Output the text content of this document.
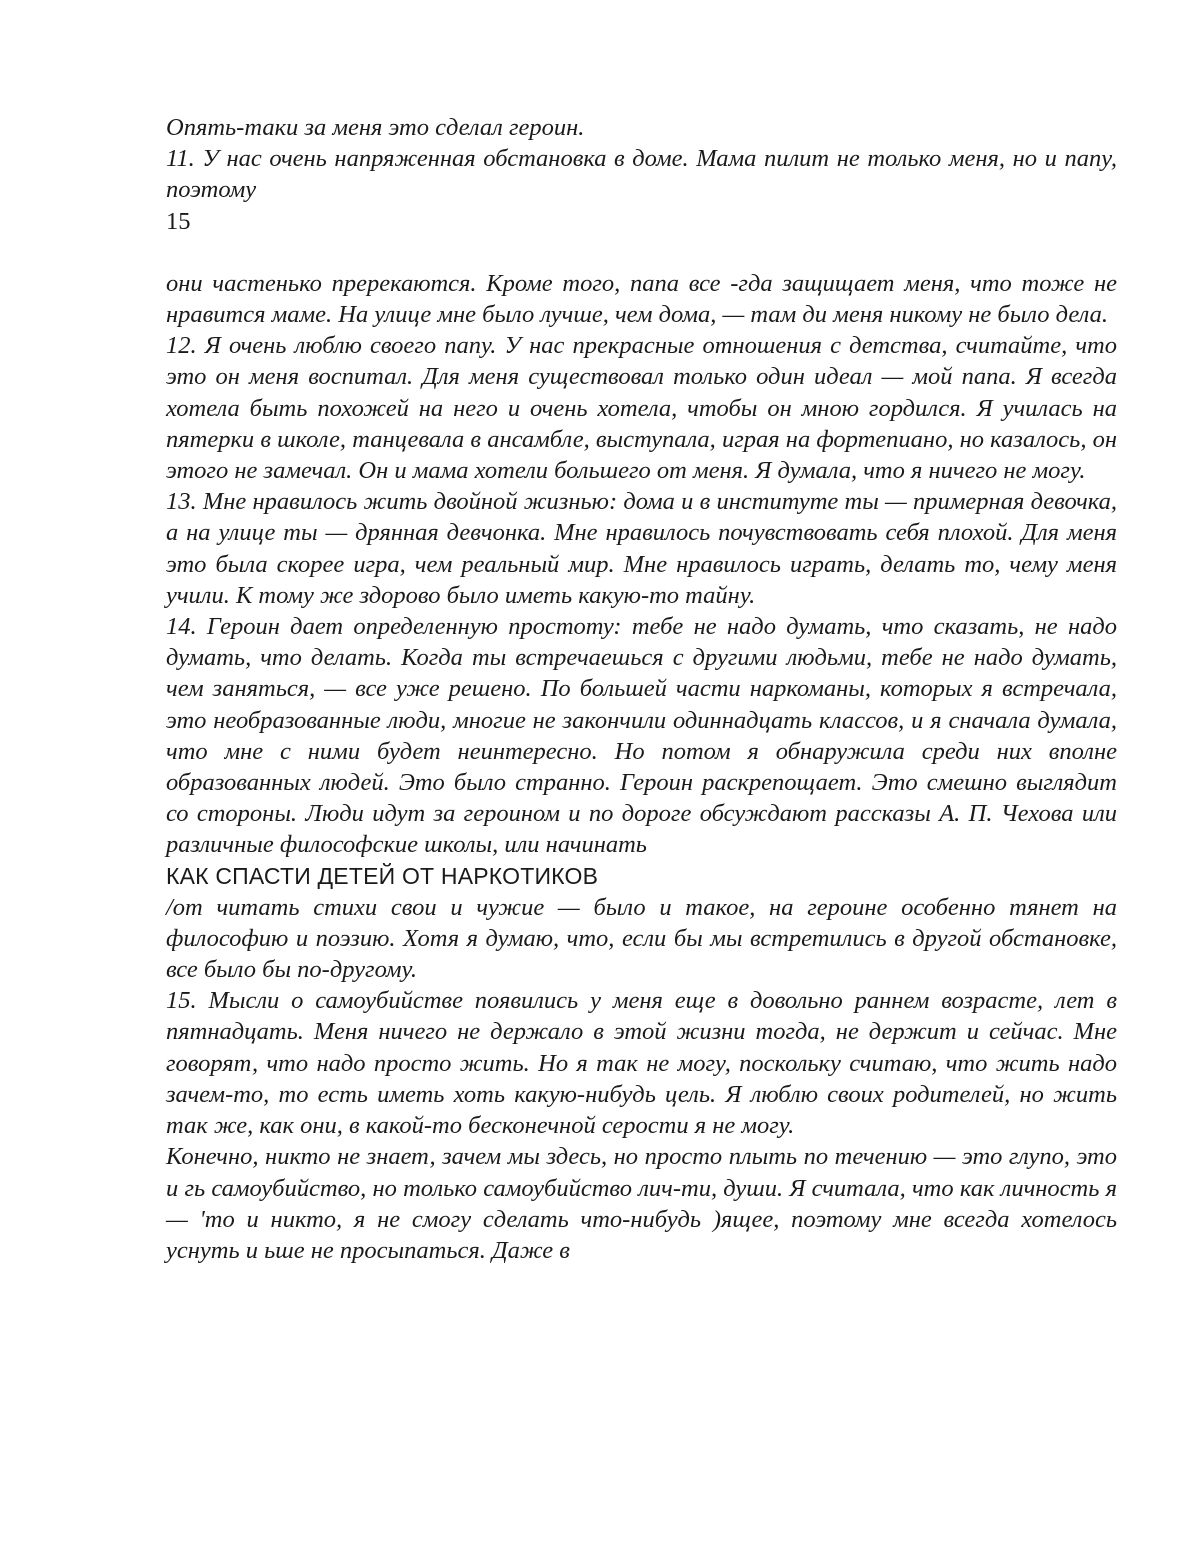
Опять-таки за меня это сделал героин.

11. У нас очень напряженная обстановка в доме. Мама пилит не только меня, но и папу, поэтому

15

они частенько пререкаются. Кроме того, папа все -гда защищает меня, что тоже не нравится маме. На улице мне было лучше, чем дома, — там ди меня никому не было дела.

12. Я очень люблю своего папу. У нас прекрасные отношения с детства, считайте, что это он меня воспитал. Для меня существовал только один идеал — мой папа. Я всегда хотела быть похожей на него и очень хотела, чтобы он мною гордился. Я училась на пятерки в школе, танцевала в ансамбле, выступала, играя на фортепиано, но казалось, он этого не замечал. Он и мама хотели большего от меня. Я думала, что я ничего не могу.

13. Мне нравилось жить двойной жизнью: дома и в институте ты — примерная девочка, а на улице ты — дрянная девчонка. Мне нравилось почувствовать себя плохой. Для меня это была скорее игра, чем реальный мир. Мне нравилось играть, делать то, чему меня учили. К тому же здорово было иметь какую-то тайну.

14. Героин дает определенную простоту: тебе не надо думать, что сказать, не надо думать, что делать. Когда ты встречаешься с другими людьми, тебе не надо думать, чем заняться, — все уже решено. По большей части наркоманы, которых я встречала, это необразованные люди, многие не закончили одиннадцать классов, и я сначала думала, что мне с ними будет неинтересно. Но потом я обнаружила среди них вполне образованных людей. Это было странно. Героин раскрепощает. Это смешно выглядит со стороны. Люди идут за героином и по дороге обсуждают рассказы А. П. Чехова или различные философские школы, или начинать

КАК СПАСТИ ДЕТЕЙ ОТ НАРКОТИКОВ

/от читать стихи свои и чужие — было и такое, на героине особенно тянет на философию и поэзию. Хотя я думаю, что, если бы мы встретились в другой обстановке, все было бы по-другому.

15. Мысли о самоубийстве появились у меня еще в довольно раннем возрасте, лет в пятнадцать. Меня ничего не держало в этой жизни тогда, не держит и сейчас. Мне говорят, что надо просто жить. Но я так не могу, поскольку считаю, что жить надо зачем-то, то есть иметь хоть какую-нибудь цель. Я люблю своих родителей, но жить так же, как они, в какой-то бесконечной серости я не могу.

Конечно, никто не знает, зачем мы здесь, но просто плыть по течению — это глупо, это и гь самоубийство, но только самоубийство лич-ти, души. Я считала, что как личность я — 'то и никто, я не смогу сделать что-нибудь )ящее, поэтому мне всегда хотелось уснуть и ьше не просыпаться. Даже в
